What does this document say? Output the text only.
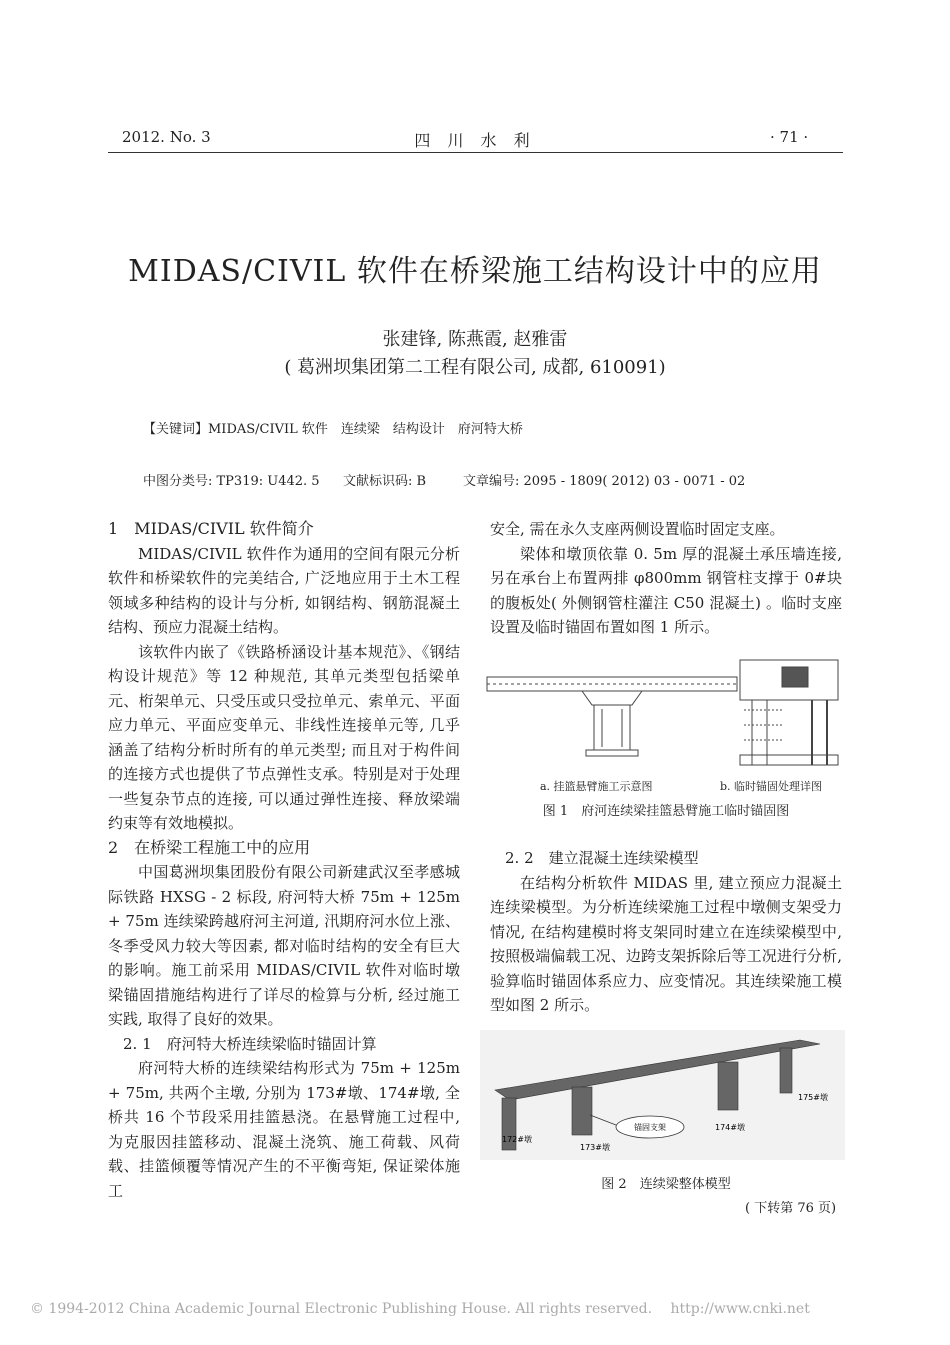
2012. No. 3	四 川 水 利	· 71 ·
MIDAS/CIVIL 软件在桥梁施工结构设计中的应用
张建锋, 陈燕霞, 赵雅雷
( 葛洲坝集团第二工程有限公司, 成都, 610091)
【关键词】MIDAS/CIVIL 软件　连续梁　结构设计　府河特大桥
中图分类号: TP319: U442. 5 文献标识码: B	文章编号: 2095 - 1809( 2012) 03 - 0071 - 02

1　MIDAS/CIVIL 软件简介

MIDAS/CIVIL 软件作为通用的空间有限元分析软件和桥梁软件的完美结合, 广泛地应用于土木工程领域多种结构的设计与分析, 如钢结构、钢筋混凝土结构、预应力混凝土结构。

该软件内嵌了《铁路桥涵设计基本规范》、《钢结构设计规范》等 12 种规范, 其单元类型包括梁单元、桁架单元、只受压或只受拉单元、索单元、平面应力单元、平面应变单元、非线性连接单元等, 几乎涵盖了结构分析时所有的单元类型; 而且对于构件间的连接方式也提供了节点弹性支承。特别是对于处理一些复杂节点的连接, 可以通过弹性连接、释放梁端约束等有效地模拟。

2　在桥梁工程施工中的应用

中国葛洲坝集团股份有限公司新建武汉至孝感城际铁路 HXSG - 2 标段, 府河特大桥 75m + 125m + 75m 连续梁跨越府河主河道, 汛期府河水位上涨、冬季受风力较大等因素, 都对临时结构的安全有巨大的影响。施工前采用 MIDAS/CIVIL 软件对临时墩梁锚固措施结构进行了详尽的检算与分析, 经过施工实践, 取得了良好的效果。

2. 1　府河特大桥连续梁临时锚固计算

府河特大桥的连续梁结构形式为 75m + 125m + 75m, 共两个主墩, 分别为 173#墩、174#墩, 全桥共 16 个节段采用挂篮悬浇。在悬臂施工过程中, 为克服因挂篮移动、混凝土浇筑、施工荷载、风荷载、挂篮倾覆等情况产生的不平衡弯矩, 保证梁体施工

安全, 需在永久支座两侧设置临时固定支座。

梁体和墩顶依靠 0. 5m 厚的混凝土承压墙连接, 另在承台上布置两排 φ800mm 钢管柱支撑于 0#块的腹板处( 外侧钢管柱灌注 C50 混凝土) 。临时支座设置及临时锚固布置如图 1 所示。

a. 挂篮悬臂施工示意图	b. 临时锚固处理详图
图 1　府河连续梁挂篮悬臂施工临时锚固图

2. 2　建立混凝土连续梁模型

在结构分析软件 MIDAS 里, 建立预应力混凝土连续梁模型。为分析连续梁施工过程中墩侧支架受力情况, 在结构建模时将支架同时建立在连续梁模型中, 按照极端偏载工况、边跨支架拆除后等工况进行分析, 验算临时锚固体系应力、应变情况。其连续梁施工模型如图 2 所示。

锚固支架
172#墩
173#墩
174#墩
175#墩
图 2　连续梁整体模型
( 下转第 76 页)
© 1994-2012 China Academic Journal Electronic Publishing House. All rights reserved.　 http://www.cnki.net
